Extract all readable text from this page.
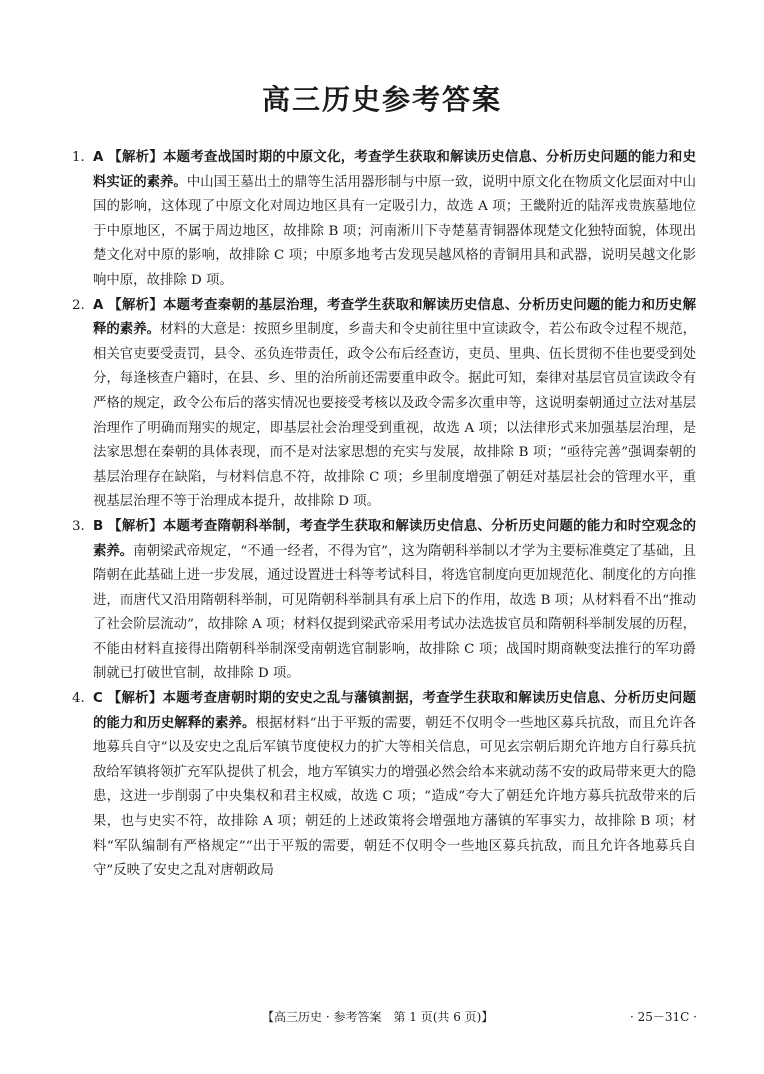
高三历史参考答案
1. A 【解析】本题考查战国时期的中原文化，考查学生获取和解读历史信息、分析历史问题的能力和史料实证的素养。中山国王墓出土的鼎等生活用器形制与中原一致，说明中原文化在物质文化层面对中山国的影响，这体现了中原文化对周边地区具有一定吸引力，故选 A 项；王畿附近的陆浑戎贵族墓地位于中原地区，不属于周边地区，故排除 B 项；河南淅川下寺楚墓青铜器体现楚文化独特面貌，体现出楚文化对中原的影响，故排除 C 项；中原多地考古发现吴越风格的青铜用具和武器，说明吴越文化影响中原，故排除 D 项。
2. A 【解析】本题考查秦朝的基层治理，考查学生获取和解读历史信息、分析历史问题的能力和历史解释的素养。材料的大意是：按照乡里制度，乡啬夫和令史前往里中宣读政令，若公布政令过程不规范，相关官吏要受责罚，县令、丞负连带责任，政令公布后经查访，吏员、里典、伍长贯彻不佳也要受到处分，每逢核查户籍时，在县、乡、里的治所前还需要重申政令。据此可知，秦律对基层官员宣读政令有严格的规定，政令公布后的落实情况也要接受考核以及政令需多次重申等，这说明秦朝通过立法对基层治理作了明确而翔实的规定，即基层社会治理受到重视，故选 A 项；以法律形式来加强基层治理，是法家思想在秦朝的具体表现，而不是对法家思想的充实与发展，故排除 B 项；“亟待完善”强调秦朝的基层治理存在缺陷，与材料信息不符，故排除 C 项；乡里制度增强了朝廷对基层社会的管理水平，重视基层治理不等于治理成本提升，故排除 D 项。
3. B 【解析】本题考查隋朝科举制，考查学生获取和解读历史信息、分析历史问题的能力和时空观念的素养。南朝梁武帝规定，“不通一经者，不得为官”，这为隋朝科举制以才学为主要标准奠定了基础，且隋朝在此基础上进一步发展，通过设置进士科等考试科目，将选官制度向更加规范化、制度化的方向推进，而唐代又沿用隋朝科举制，可见隋朝科举制具有承上启下的作用，故选 B 项；从材料看不出“推动了社会阶层流动”，故排除 A 项；材料仅提到梁武帝采用考试办法选拔官员和隋朝科举制发展的历程，不能由材料直接得出隋朝科举制深受南朝选官制影响，故排除 C 项；战国时期商鞅变法推行的军功爵制就已打破世官制，故排除 D 项。
4. C 【解析】本题考查唐朝时期的安史之乱与藩镇割据，考查学生获取和解读历史信息、分析历史问题的能力和历史解释的素养。根据材料“出于平叛的需要，朝廷不仅明令一些地区募兵抗敌，而且允许各地募兵自守”以及安史之乱后军镇节度使权力的扩大等相关信息，可见玄宗朝后期允许地方自行募兵抗敌给军镇将领扩充军队提供了机会，地方军镇实力的增强必然会给本来就动荡不安的政局带来更大的隐患，这进一步削弱了中央集权和君主权威，故选 C 项；“造成”夸大了朝廷允许地方募兵抗敌带来的后果，也与史实不符，故排除 A 项；朝廷的上述政策将会增强地方藩镇的军事实力，故排除 B 项；材料“军队编制有严格规定”“出于平叛的需要，朝廷不仅明令一些地区募兵抗敌，而且允许各地募兵自守”反映了安史之乱对唐朝政局
【高三历史 · 参考答案　第 1 页(共 6 页)】	· 25－31C ·
